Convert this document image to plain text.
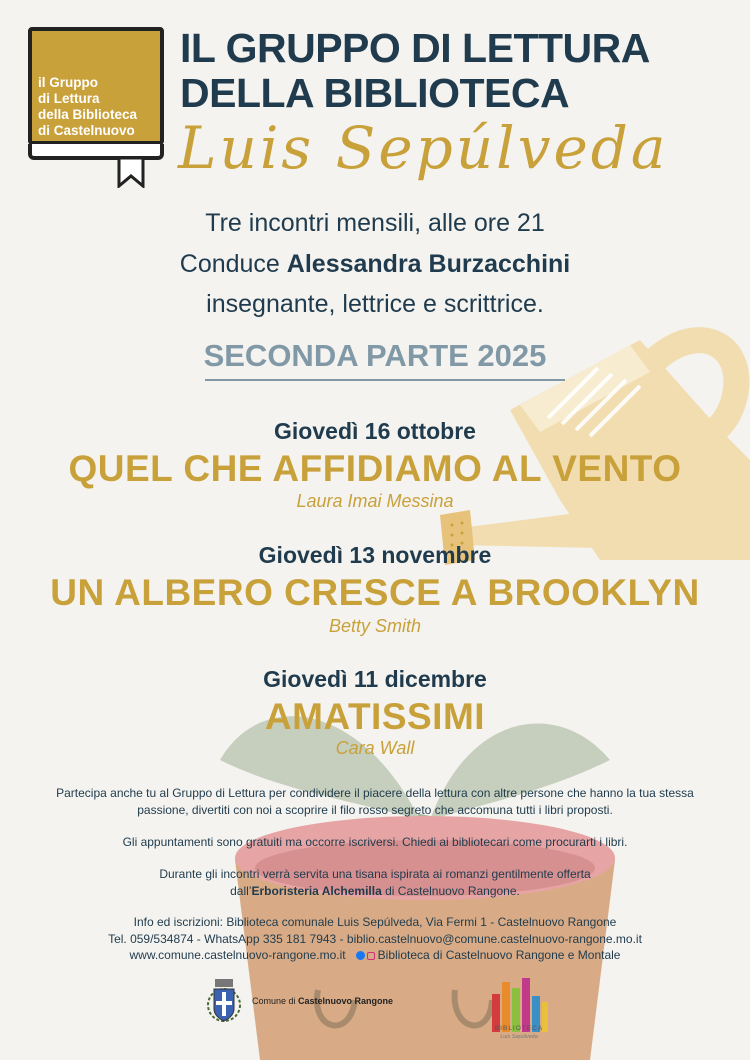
il Gruppo
di Lettura
della Biblioteca
di Castelnuovo
IL GRUPPO DI LETTURA
DELLA BIBLIOTECA
Luis Sepúlveda
Tre incontri mensili, alle ore 21
Conduce Alessandra Burzacchini
insegnante, lettrice e scrittrice.
SECONDA PARTE 2025
Giovedì 16 ottobre
QUEL CHE AFFIDIAMO AL VENTO
Laura Imai Messina
Giovedì 13 novembre
UN ALBERO CRESCE A BROOKLYN
Betty Smith
Giovedì 11 dicembre
AMATISSIMI
Cara Wall
Partecipa anche tu al Gruppo di Lettura per condividere il piacere della lettura con altre persone che hanno la tua stessa
passione, divertiti con noi a scoprire il filo rosso segreto che accomuna tutti i libri proposti.
Gli appuntamenti sono gratuiti ma occorre iscriversi. Chiedi ai bibliotecari come procurarti i libri.
Durante gli incontri verrà servita una tisana ispirata ai romanzi gentilmente offerta
dall’Erboristeria Alchemilla di Castelnuovo Rangone.
Info ed iscrizioni: Biblioteca comunale Luis Sepúlveda, Via Fermi 1 - Castelnuovo Rangone
Tel. 059/534874 - WhatsApp 335 181 7943 - biblio.castelnuovo@comune.castelnuovo-rangone.mo.it
www.comune.castelnuovo-rangone.mo.it	Biblioteca di Castelnuovo Rangone e Montale
Comune di Castelnuovo Rangone
BIBLIOTECA
Luis Sepúlveda
